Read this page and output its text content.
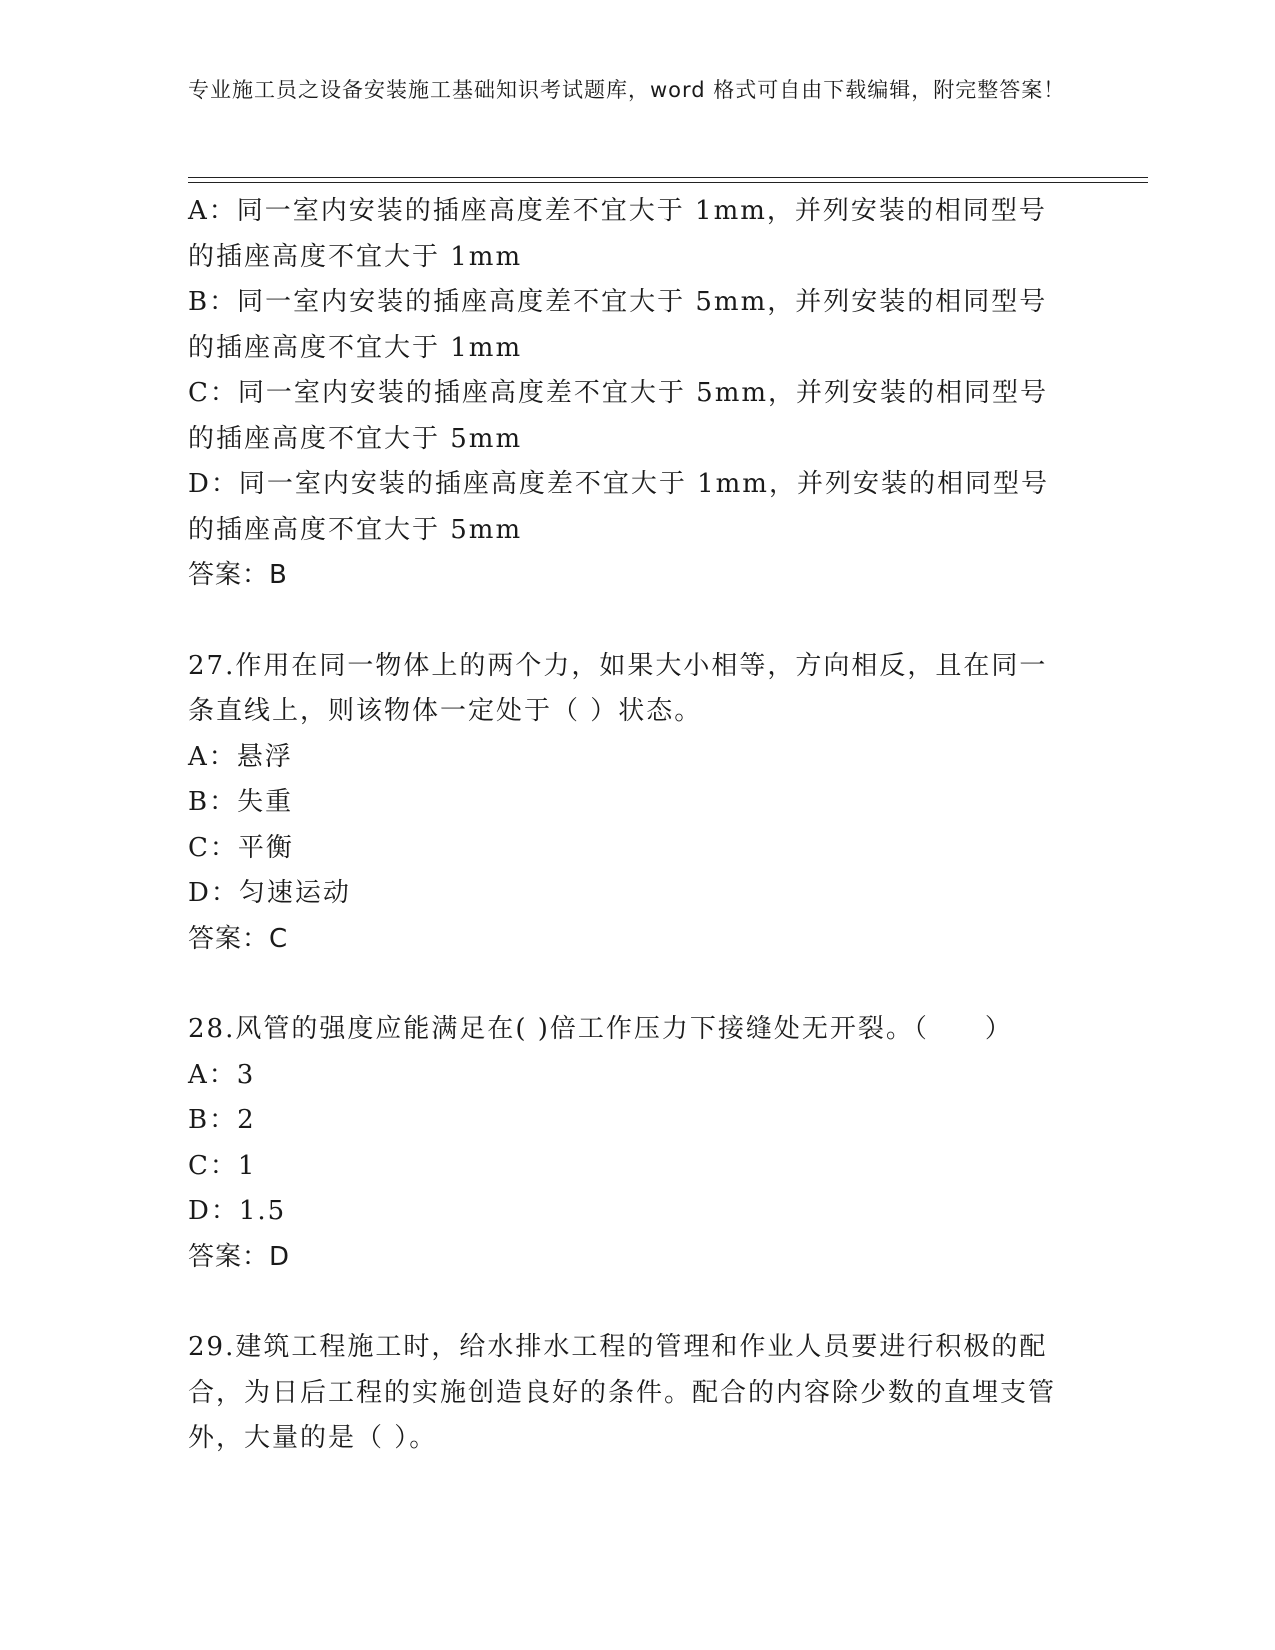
专业施工员之设备安装施工基础知识考试题库，word 格式可自由下载编辑，附完整答案！

A：同一室内安装的插座高度差不宜大于 1mm，并列安装的相同型号的插座高度不宜大于 1mm

B：同一室内安装的插座高度差不宜大于 5mm，并列安装的相同型号的插座高度不宜大于 1mm

C：同一室内安装的插座高度差不宜大于 5mm，并列安装的相同型号的插座高度不宜大于 5mm

D：同一室内安装的插座高度差不宜大于 1mm，并列安装的相同型号的插座高度不宜大于 5mm

答案：B

27.作用在同一物体上的两个力，如果大小相等，方向相反，且在同一条直线上，则该物体一定处于（ ）状态。

A：悬浮

B：失重

C：平衡

D：匀速运动

答案：C

28.风管的强度应能满足在( )倍工作压力下接缝处无开裂。（　　）

A：3

B：2

C：1

D：1.5

答案：D

29.建筑工程施工时，给水排水工程的管理和作业人员要进行积极的配合，为日后工程的实施创造良好的条件。配合的内容除少数的直埋支管外，大量的是（ ）。
